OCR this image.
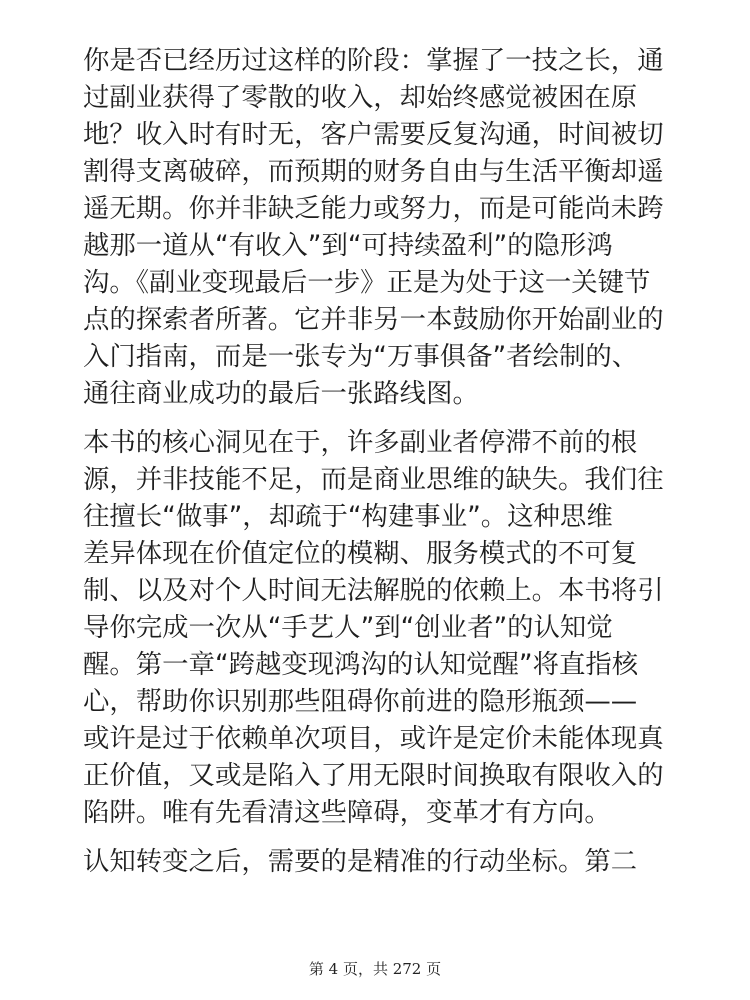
你是否已经历过这样的阶段：掌握了一技之长，通
过副业获得了零散的收入，却始终感觉被困在原
地？收入时有时无，客户需要反复沟通，时间被切
割得支离破碎，而预期的财务自由与生活平衡却遥
遥无期。你并非缺乏能力或努力，而是可能尚未跨
越那一道从“有收入”到“可持续盈利”的隐形鸿
沟。《副业变现最后一步》正是为处于这一关键节
点的探索者所著。它并非另一本鼓励你开始副业的
入门指南，而是一张专为“万事俱备”者绘制的、
通往商业成功的最后一张路线图。
本书的核心洞见在于，许多副业者停滞不前的根
源，并非技能不足，而是商业思维的缺失。我们往
往擅长“做事”，却疏于“构建事业”。这种思维
差异体现在价值定位的模糊、服务模式的不可复
制、以及对个人时间无法解脱的依赖上。本书将引
导你完成一次从“手艺人”到“创业者”的认知觉
醒。第一章“跨越变现鸿沟的认知觉醒”将直指核
心，帮助你识别那些阻碍你前进的隐形瓶颈——
或许是过于依赖单次项目，或许是定价未能体现真
正价值，又或是陷入了用无限时间换取有限收入的
陷阱。唯有先看清这些障碍，变革才有方向。
认知转变之后，需要的是精准的行动坐标。第二
第 4 页，共 272 页
